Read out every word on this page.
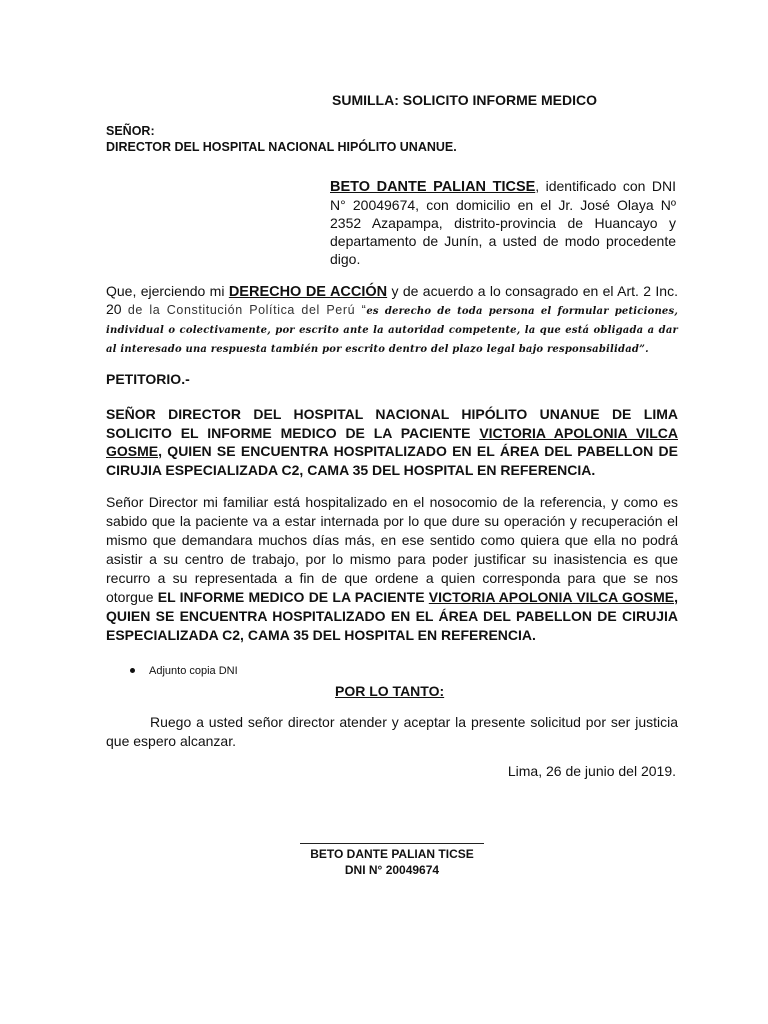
SUMILLA: SOLICITO INFORME MEDICO
SEÑOR:
DIRECTOR DEL HOSPITAL NACIONAL HIPÓLITO UNANUE.
BETO DANTE PALIAN TICSE, identificado con DNI N° 20049674, con domicilio en el Jr. José Olaya Nº 2352 Azapampa, distrito-provincia de Huancayo y departamento de Junín, a usted de modo procedente digo.
Que, ejerciendo mi DERECHO DE ACCIÓN y de acuerdo a lo consagrado en el Art. 2 Inc. 20 de la Constitución Política del Perú “es derecho de toda persona el formular peticiones, individual o colectivamente, por escrito ante la autoridad competente, la que está obligada a dar al interesado una respuesta también por escrito dentro del plazo legal bajo responsabilidad”.
PETITORIO.-
SEÑOR DIRECTOR DEL HOSPITAL NACIONAL HIPÓLITO UNANUE DE LIMA SOLICITO EL INFORME MEDICO DE LA PACIENTE VICTORIA APOLONIA VILCA GOSME, QUIEN SE ENCUENTRA HOSPITALIZADO EN EL ÁREA DEL PABELLON DE CIRUJIA ESPECIALIZADA C2, CAMA 35 DEL HOSPITAL EN REFERENCIA.
Señor Director mi familiar está hospitalizado en el nosocomio de la referencia, y como es sabido que la paciente va a estar internada por lo que dure su operación y recuperación el mismo que demandara muchos días más, en ese sentido como quiera que ella no podrá asistir a su centro de trabajo, por lo mismo para poder justificar su inasistencia es que recurro a su representada a fin de que ordene a quien corresponda para que se nos otorgue EL INFORME MEDICO DE LA PACIENTE VICTORIA APOLONIA VILCA GOSME, QUIEN SE ENCUENTRA HOSPITALIZADO EN EL ÁREA DEL PABELLON DE CIRUJIA ESPECIALIZADA C2, CAMA 35 DEL HOSPITAL EN REFERENCIA.
Adjunto copia DNI
POR LO TANTO:
Ruego a usted señor director atender y aceptar la presente solicitud por ser justicia que espero alcanzar.
Lima, 26 de junio del 2019.
BETO DANTE PALIAN TICSE
DNI N° 20049674
